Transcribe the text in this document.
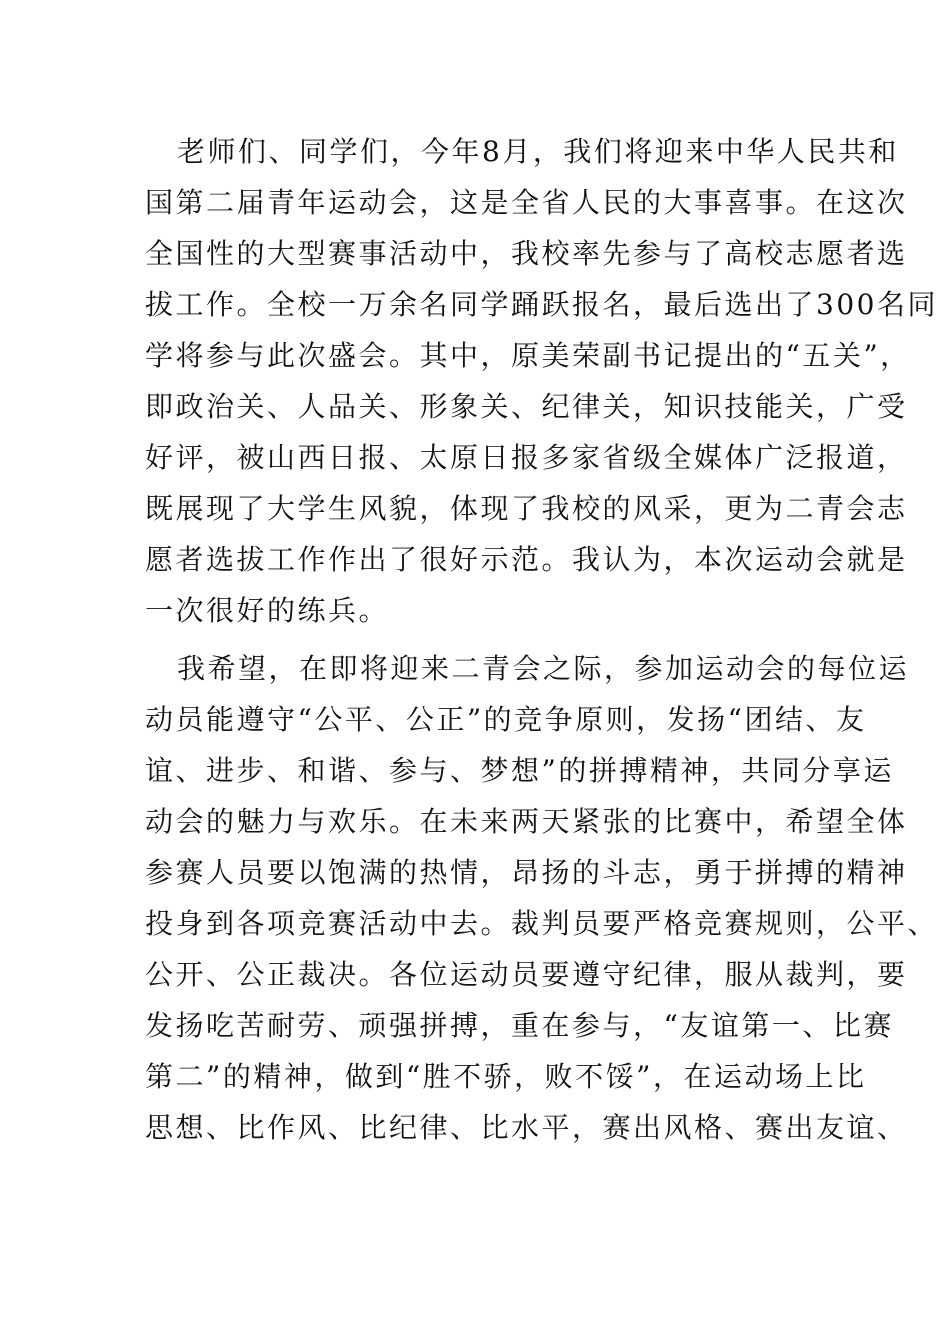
老师们、同学们，今年8月，我们将迎来中华人民共和
国第二届青年运动会，这是全省人民的大事喜事。在这次
全国性的大型赛事活动中，我校率先参与了高校志愿者选
拔工作。全校一万余名同学踊跃报名，最后选出了300名同
学将参与此次盛会。其中，原美荣副书记提出的“五关”，
即政治关、人品关、形象关、纪律关，知识技能关，广受
好评，被山西日报、太原日报多家省级全媒体广泛报道，
既展现了大学生风貌，体现了我校的风采，更为二青会志
愿者选拔工作作出了很好示范。我认为，本次运动会就是
一次很好的练兵。

我希望，在即将迎来二青会之际，参加运动会的每位运
动员能遵守“公平、公正”的竞争原则，发扬“团结、友
谊、进步、和谐、参与、梦想”的拼搏精神，共同分享运
动会的魅力与欢乐。在未来两天紧张的比赛中，希望全体
参赛人员要以饱满的热情，昂扬的斗志，勇于拼搏的精神
投身到各项竞赛活动中去。裁判员要严格竞赛规则，公平、
公开、公正裁决。各位运动员要遵守纪律，服从裁判，要
发扬吃苦耐劳、顽强拼搏，重在参与，“友谊第一、比赛
第二”的精神，做到“胜不骄，败不馁”，在运动场上比
思想、比作风、比纪律、比水平，赛出风格、赛出友谊、
